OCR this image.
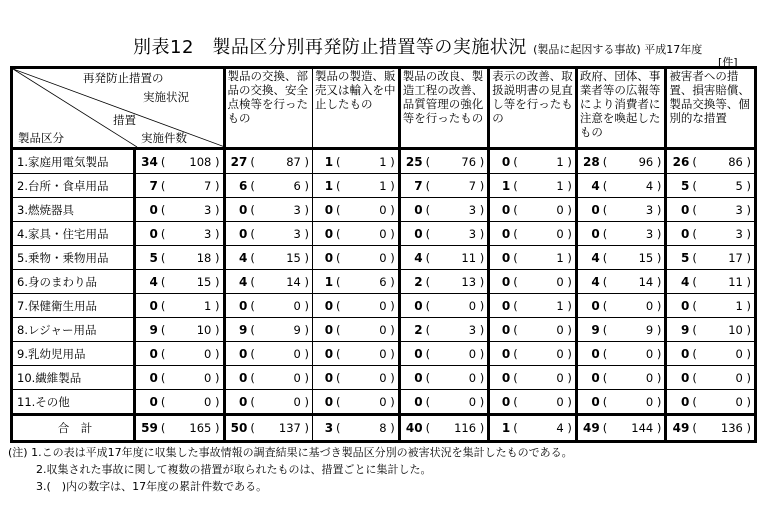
別表12　製品区分別再発防止措置等の実施状況 (製品に起因する事故) 平成17年度
[件]
再発防止措置の
実施状況
措置
製品区分 実施件数		製品の交換、部品の交換、安全点検等を行ったもの	製品の製造、販売又は輸入を中止したもの	製品の改良、製造工程の改善、品質管理の強化等を行ったもの	表示の改善、取扱説明書の見直し等を行ったもの	政府、団体、事業者等の広報等により消費者に注意を喚起したもの	被害者への措置、損害賠償、製品交換等、個別的な措置
1.家庭用電気製品	34 ( 108 )	27 ( 87 )	1 ( 1 )	25 ( 76 )	0 ( 1 )	28 ( 96 )	26 ( 86 )
2.台所・食卓用品	7 ( 7 )	6 ( 6 )	1 ( 1 )	7 ( 7 )	1 ( 1 )	4 ( 4 )	5 ( 5 )
3.燃焼器具	0 ( 3 )	0 ( 3 )	0 ( 0 )	0 ( 3 )	0 ( 0 )	0 ( 3 )	0 ( 3 )
4.家具・住宅用品	0 ( 3 )	0 ( 3 )	0 ( 0 )	0 ( 3 )	0 ( 0 )	0 ( 3 )	0 ( 3 )
5.乗物・乗物用品	5 ( 18 )	4 ( 15 )	0 ( 0 )	4 ( 11 )	0 ( 1 )	4 ( 15 )	5 ( 17 )
6.身のまわり品	4 ( 15 )	4 ( 14 )	1 ( 6 )	2 ( 13 )	0 ( 0 )	4 ( 14 )	4 ( 11 )
7.保健衛生用品	0 ( 1 )	0 ( 0 )	0 ( 0 )	0 ( 0 )	0 ( 1 )	0 ( 0 )	0 ( 1 )
8.レジャー用品	9 ( 10 )	9 ( 9 )	0 ( 0 )	2 ( 3 )	0 ( 0 )	9 ( 9 )	9 ( 10 )
9.乳幼児用品	0 ( 0 )	0 ( 0 )	0 ( 0 )	0 ( 0 )	0 ( 0 )	0 ( 0 )	0 ( 0 )
10.繊維製品	0 ( 0 )	0 ( 0 )	0 ( 0 )	0 ( 0 )	0 ( 0 )	0 ( 0 )	0 ( 0 )
11.その他	0 ( 0 )	0 ( 0 )	0 ( 0 )	0 ( 0 )	0 ( 0 )	0 ( 0 )	0 ( 0 )
合　計	59 ( 165 )	50 ( 137 )	3 ( 8 )	40 ( 116 )	1 ( 4 )	49 ( 144 )	49 ( 136 )
(注) 1.この表は平成17年度に収集した事故情報の調査結果に基づき製品区分別の被害状況を集計したものである。
2.収集された事故に関して複数の措置が取られたものは、措置ごとに集計した。
3.(　)内の数字は、17年度の累計件数である。
